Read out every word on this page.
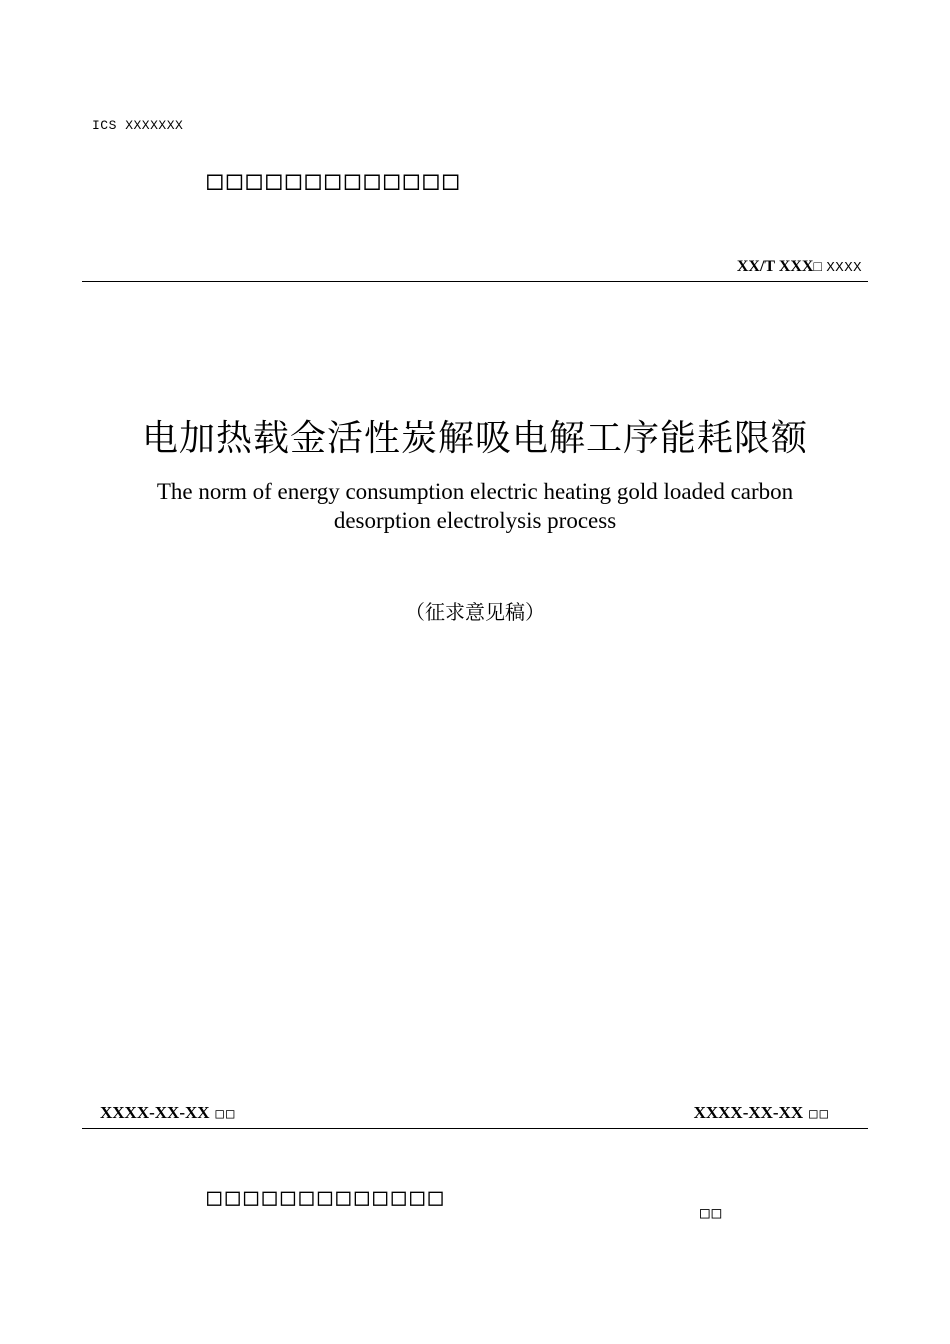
ICS XXXXXXX
□□□□□□□□□□□□□
XX/T XXX□ XXXX
电加热载金活性炭解吸电解工序能耗限额
The norm of energy consumption electric heating gold loaded carbon desorption electrolysis process
（征求意见稿）
XXXX-XX-XX □□	XXXX-XX-XX □□
□□□□□□□□□□□□□
□□
